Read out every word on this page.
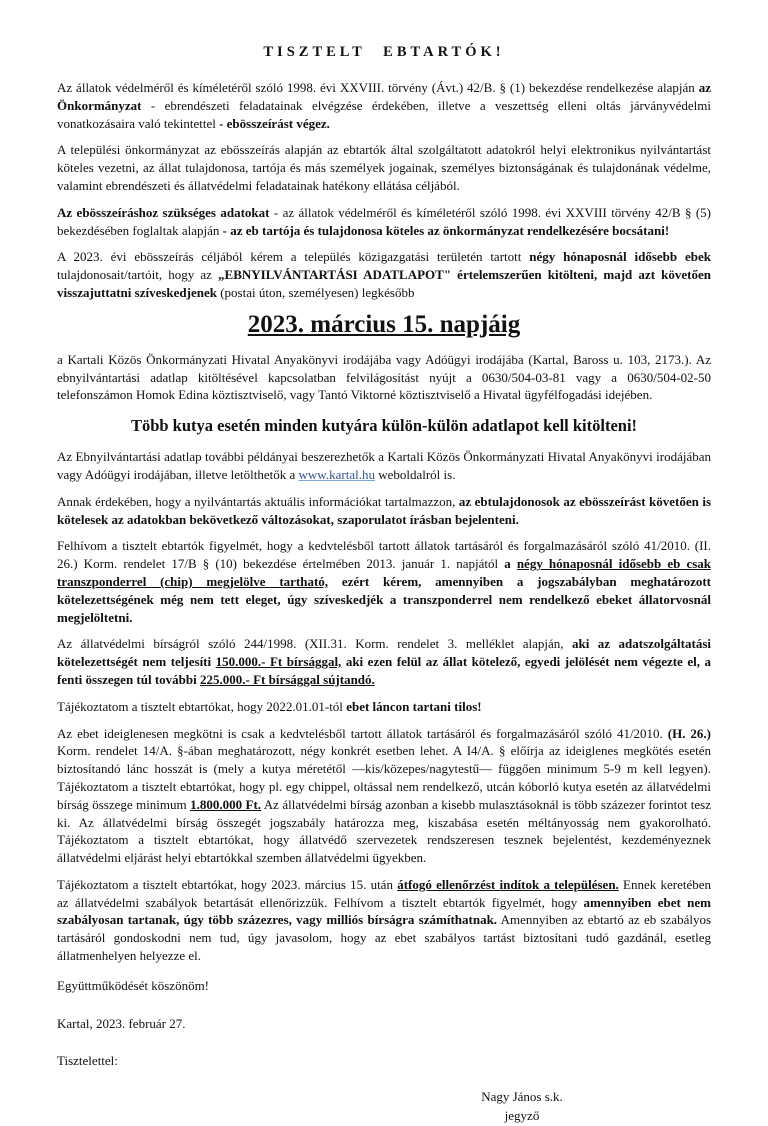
TISZTELT EBTARTÓK!
Az állatok védelméről és kíméletéről szóló 1998. évi XXVIII. törvény (Ávt.) 42/B. § (1) bekezdése rendelkezése alapján az Önkormányzat - ebrendészeti feladatainak elvégzése érdekében, illetve a veszettség elleni oltás járványvédelmi vonatkozásaira való tekintettel - ebösszeírást végez.
A települési önkormányzat az ebösszeírás alapján az ebtartók által szolgáltatott adatokról helyi elektronikus nyilvántartást köteles vezetni, az állat tulajdonosa, tartója és más személyek jogainak, személyes biztonságának és tulajdonának védelme, valamint ebrendészeti és állatvédelmi feladatainak hatékony ellátása céljából.
Az ebösszeíráshoz szükséges adatokat - az állatok védelméről és kíméletéről szóló 1998. évi XXVIII törvény 42/B § (5) bekezdésében foglaltak alapján - az eb tartója és tulajdonosa köteles az önkormányzat rendelkezésére bocsátani!
A 2023. évi ebösszeírás céljából kérem a település közigazgatási területén tartott négy hónaposnál idősebb ebek tulajdonosait/tartóit, hogy az „EBNYILVÁNTARTÁSI ADATLAPOT" értelemszerűen kitölteni, majd azt követően visszajuttatni szíveskedjenek (postai úton, személyesen) legkésőbb
2023. március 15. napjáig
a Kartali Közös Önkormányzati Hivatal Anyakönyvi irodájába vagy Adóügyi irodájába (Kartal, Baross u. 103, 2173.). Az ebnyilvántartási adatlap kitöltésével kapcsolatban felvilágosítást nyújt a 0630/504-03-81 vagy a 0630/504-02-50 telefonszámon Homok Edina köztisztviselő, vagy Tantó Viktorné köztisztviselő a Hivatal ügyfélfogadási idejében.
Több kutya esetén minden kutyára külön-külön adatlapot kell kitölteni!
Az Ebnyilvántartási adatlap további példányai beszerezhetők a Kartali Közös Önkormányzati Hivatal Anyakönyvi irodájában vagy Adóügyi irodájában, illetve letölthetők a www.kartal.hu weboldalról is.
Annak érdekében, hogy a nyilvántartás aktuális információkat tartalmazzon, az ebtulajdonosok az ebösszeírást követően is kötelesek az adatokban bekövetkező változásokat, szaporulatot írásban bejelenteni.
Felhívom a tisztelt ebtartók figyelmét, hogy a kedvtelésből tartott állatok tartásáról és forgalmazásáról szóló 41/2010. (II. 26.) Korm. rendelet 17/B § (10) bekezdése értelmében 2013. január 1. napjától a négy hónaposnál idősebb eb csak transzponderrel (chip) megjelölve tartható, ezért kérem, amennyiben a jogszabályban meghatározott kötelezettségének még nem tett eleget, úgy szíveskedjék a transzponderrel nem rendelkező ebeket állatorvosnál megjelöltetni.
Az állatvédelmi bírságról szóló 244/1998. (XII.31. Korm. rendelet 3. melléklet alapján, aki az adatszolgáltatási kötelezettségét nem teljesíti 150.000.- Ft bírsággal, aki ezen felül az állat kötelező, egyedi jelölését nem végezte el, a fenti összegen túl további 225.000.- Ft bírsággal sújtandó.
Tájékoztatom a tisztelt ebtartókat, hogy 2022.01.01-tól ebet láncon tartani tilos!
Az ebet ideiglenesen megkötni is csak a kedvtelésből tartott állatok tartásáról és forgalmazásáról szóló 41/2010. (H. 26.) Korm. rendelet 14/A. §-ában meghatározott, négy konkrét esetben lehet. A I4/A. § előírja az ideiglenes megkötés esetén biztosítandó lánc hosszát is (mely a kutya méretétől —kis/közepes/nagytestű— függően minimum 5-9 m kell legyen). Tájékoztatom a tisztelt ebtartókat, hogy pl. egy chippel, oltással nem rendelkező, utcán kóborló kutya esetén az állatvédelmi bírság összege minimum 1.800.000 Ft. Az állatvédelmi bírság azonban a kisebb mulasztásoknál is több százezer forintot tesz ki. Az állatvédelmi bírság összegét jogszabály határozza meg, kiszabása esetén méltányosság nem gyakorolható. Tájékoztatom a tisztelt ebtartókat, hogy állatvédő szervezetek rendszeresen tesznek bejelentést, kezdeményeznek állatvédelmi eljárást helyi ebtartókkal szemben állatvédelmi ügyekben.
Tájékoztatom a tisztelt ebtartókat, hogy 2023. március 15. után átfogó ellenőrzést indítok a településen. Ennek keretében az állatvédelmi szabályok betartását ellenőrizzük. Felhívom a tisztelt ebtartók figyelmét, hogy amennyiben ebet nem szabályosan tartanak, úgy több százezres, vagy milliós bírságra számíthatnak. Amennyiben az ebtartó az eb szabályos tartásáról gondoskodni nem tud, úgy javasolom, hogy az ebet szabályos tartást biztosítani tudó gazdánál, esetleg állatmenhelyen helyezze el.
Együttműködését köszönöm!
Kartal, 2023. február 27.
Tisztelettel:
Nagy János s.k.
jegyző
